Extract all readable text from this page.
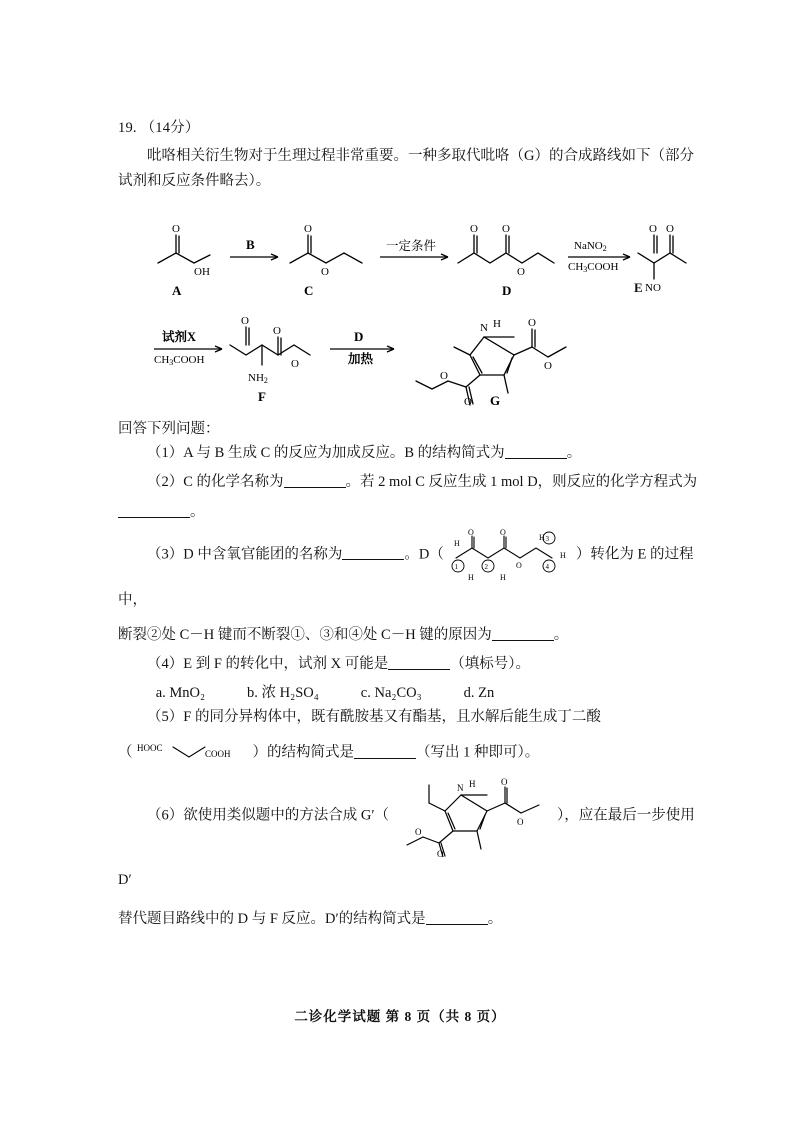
19. （14分）
吡咯相关衍生物对于生理过程非常重要。一种多取代吡咯（G）的合成路线如下（部分试剂和反应条件略去）。
O
OH
B
O
O
一定条件
O O
O
NaNO2
CH3COOH
O O
NO
A	C	D	E
试剂X
CH3COOH
O
O
O
NH2
F
D
加热
N H O
O
O
O
G
回答下列问题：
（1）A 与 B 生成 C 的反应为加成反应。B 的结构简式为	。
（2）C 的化学名称为	。若 2 mol C 反应生成 1 mol D，则反应的化学方程式为
。
（3）D 中含氧官能团的名称为	。D（
O	O
O
H
H
1	2
3
4
H	H
H ）转化为 E 的过程中，
断裂②处 C－H 键而不断裂①、③和④处 C－H 键的原因为	。
（4）E 到 F 的转化中，试剂 X 可能是	（填标号）。
a. MnO₂	b. 浓 H₂SO₄	c. Na₂CO₃	d. Zn
（5）F 的同分异构体中，既有酰胺基又有酯基，且水解后能生成丁二酸
（ HOOC
COOH ）的结构简式是	（写出 1 种即可）。
（6）欲使用类似题中的方法合成 G′（
N H	O
O
O
O
），应在最后一步使用 D′
替代题目路线中的 D 与 F 反应。D′的结构简式是	。
二诊化学试题 第 8 页（共 8 页）
